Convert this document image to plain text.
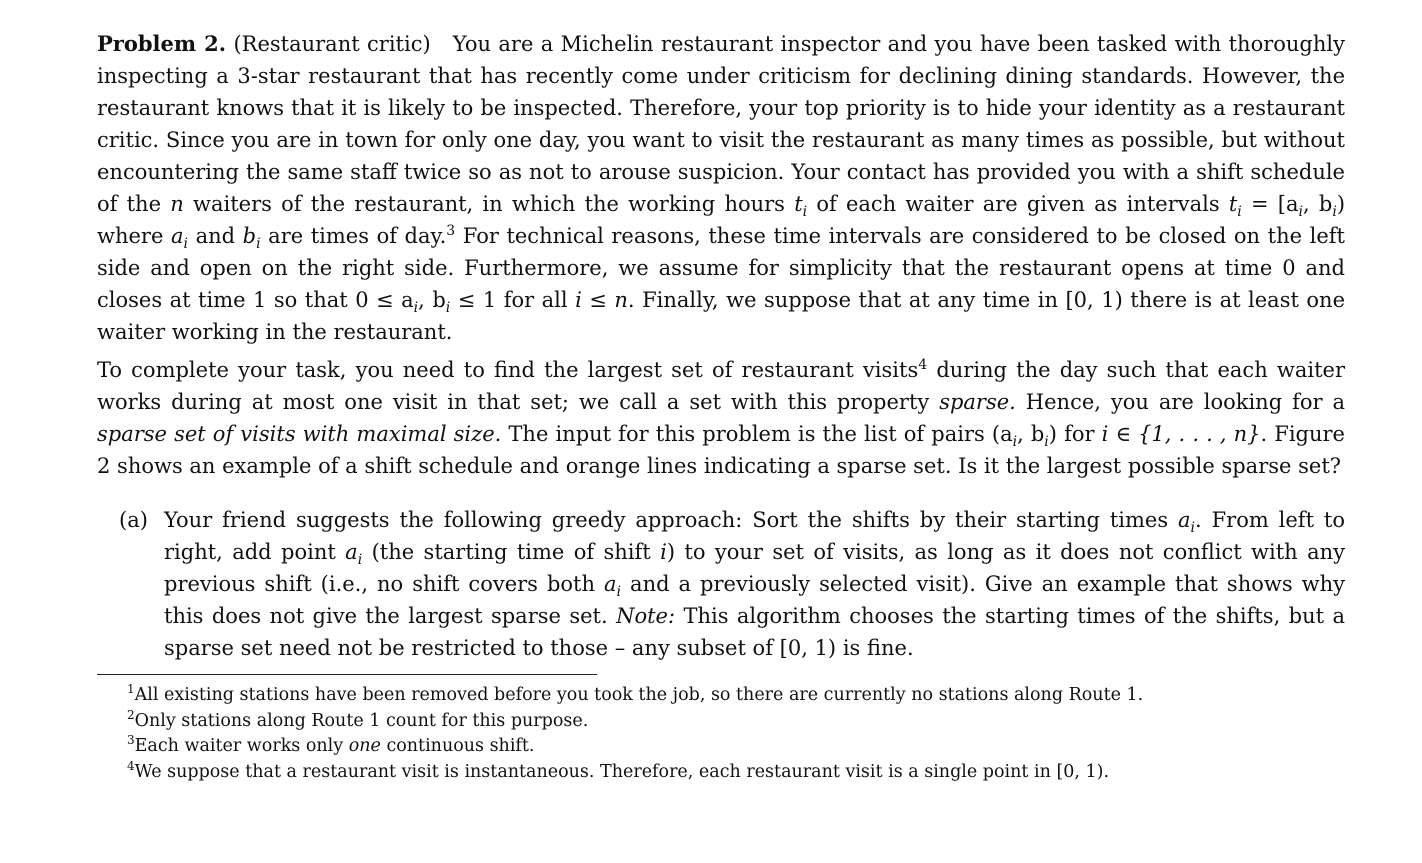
Problem 2. (Restaurant critic) You are a Michelin restaurant inspector and you have been tasked with thoroughly inspecting a 3-star restaurant that has recently come under criticism for declining dining standards. However, the restaurant knows that it is likely to be inspected. Therefore, your top priority is to hide your identity as a restaurant critic. Since you are in town for only one day, you want to visit the restaurant as many times as possible, but without encountering the same staff twice so as not to arouse suspicion. Your contact has provided you with a shift schedule of the n waiters of the restaurant, in which the working hours $t_i$ of each waiter are given as intervals $t_i = [a_i$, $b_i$) where $a_i$ and $b_i$ are times of day.$^3$ For technical reasons, these time intervals are considered to be closed on the left side and open on the right side. Furthermore, we assume for simplicity that the restaurant opens at time 0 and closes at time 1 so that $0 \le a_i$, $b_i \le 1$ for all i ≤ n. Finally, we suppose that at any time in [0, 1) there is at least one waiter working in the restaurant.

To complete your task, you need to find the largest set of restaurant visits$^4$ during the day such that each waiter works during at most one visit in that set; we call a set with this property sparse. Hence, you are looking for a sparse set of visits with maximal size. The input for this problem is the list of pairs ($a_i$, $b_i$) for i ∈ {1, . . . , n}. Figure 2 shows an example of a shift schedule and orange lines indicating a sparse set. Is it the largest possible sparse set?

(a) Your friend suggests the following greedy approach: Sort the shifts by their starting times $a_i$. From left to right, add point $a_i$ (the starting time of shift i) to your set of visits, as long as it does not conflict with any previous shift (i.e., no shift covers both $a_i$ and a previously selected visit). Give an example that shows why this does not give the largest sparse set. Note: This algorithm chooses the starting times of the shifts, but a sparse set need not be restricted to those – any subset of [0, 1) is fine.

$^1$All existing stations have been removed before you took the job, so there are currently no stations along Route 1.
$^2$Only stations along Route 1 count for this purpose.
$^3$Each waiter works only one continuous shift.
$^4$We suppose that a restaurant visit is instantaneous. Therefore, each restaurant visit is a single point in [0, 1).
